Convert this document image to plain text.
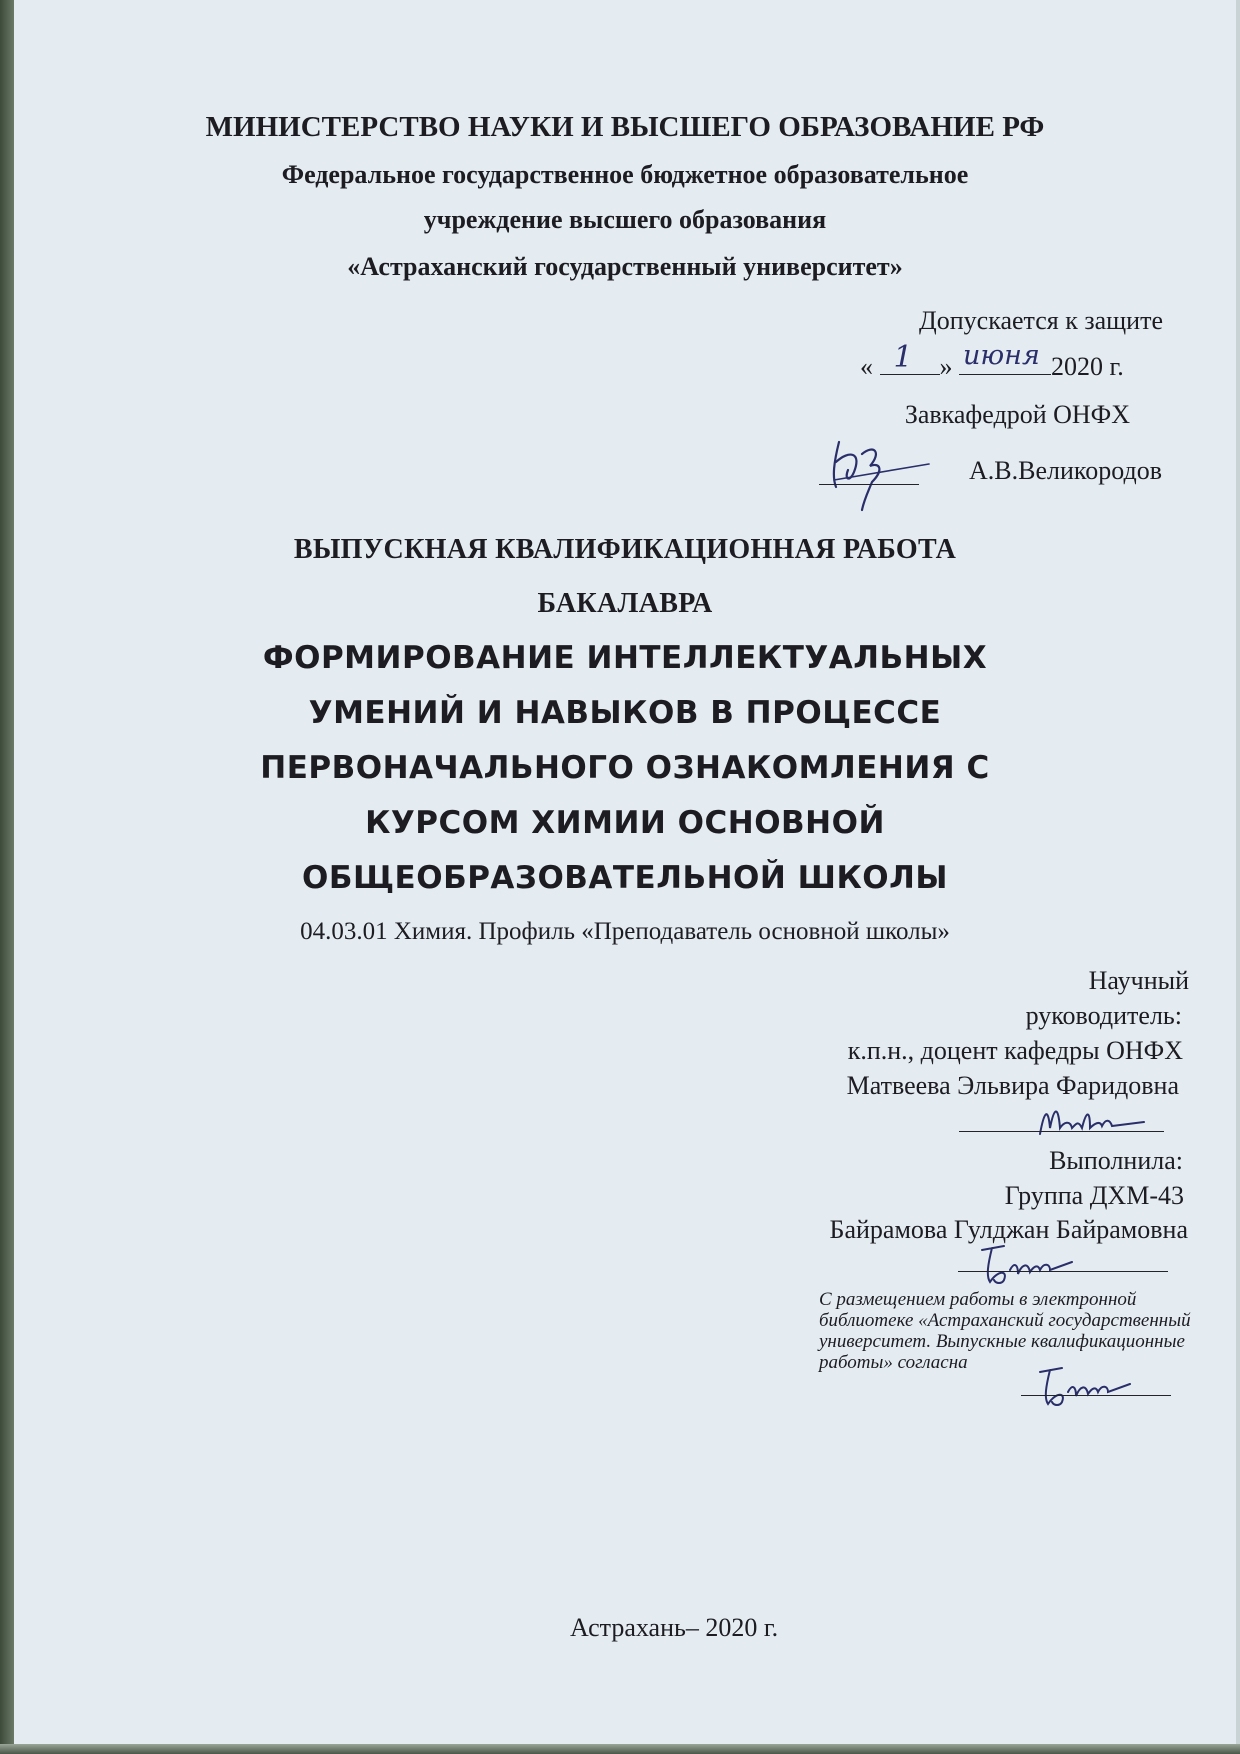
МИНИСТЕРСТВО НАУКИ И ВЫСШЕГО ОБРАЗОВАНИЕ РФ
Федеральное государственное бюджетное образовательное
учреждение высшего образования
«Астраханский государственный университет»
Допускается к защите
« 1 » июня 2020 г.
Завкафедрой ОНФХ
А.В.Великородов
ВЫПУСКНАЯ КВАЛИФИКАЦИОННАЯ РАБОТА
БАКАЛАВРА
ФОРМИРОВАНИЕ ИНТЕЛЛЕКТУАЛЬНЫХ
УМЕНИЙ И НАВЫКОВ В ПРОЦЕССЕ
ПЕРВОНАЧАЛЬНОГО ОЗНАКОМЛЕНИЯ С
КУРСОМ ХИМИИ ОСНОВНОЙ
ОБЩЕОБРАЗОВАТЕЛЬНОЙ ШКОЛЫ
04.03.01 Химия. Профиль «Преподаватель основной школы»
Научный
руководитель:
к.п.н., доцент кафедры ОНФХ
Матвеева Эльвира Фаридовна
Выполнила:
Группа ДХМ-43
Байрамова Гулджан Байрамовна
С размещением работы в электронной библиотеке «Астраханский государственный университет. Выпускные квалификационные работы» согласна
Астрахань– 2020 г.
